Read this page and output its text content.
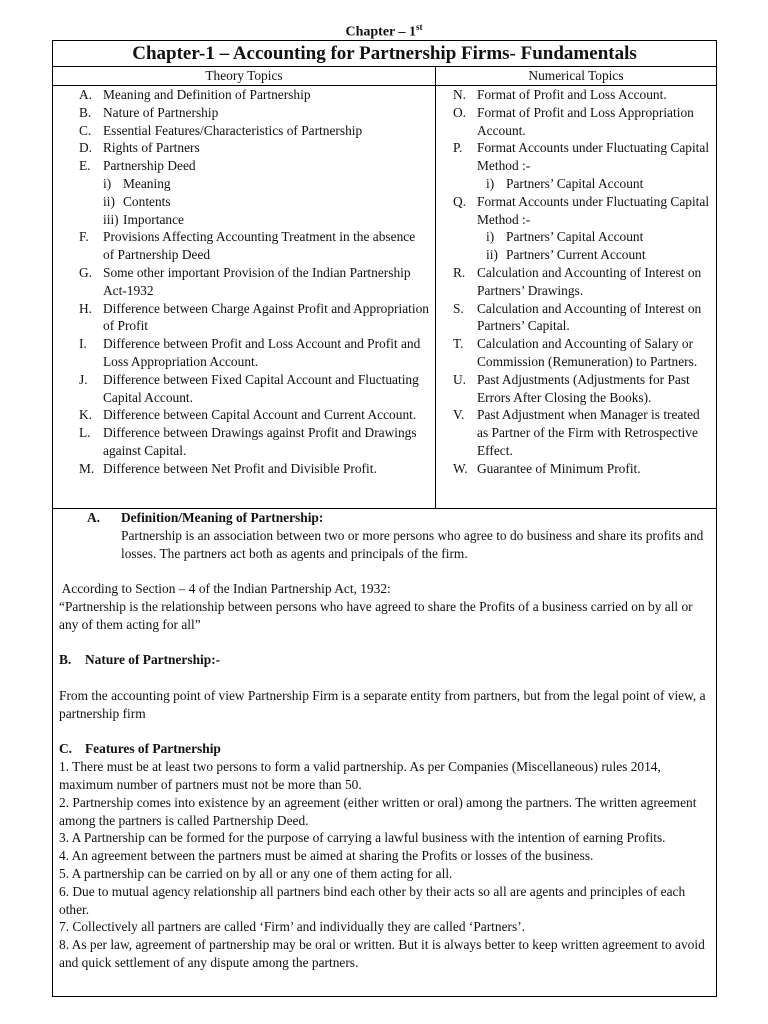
Chapter – 1st
Chapter-1 – Accounting for Partnership Firms- Fundamentals
Theory Topics
A. Meaning and Definition of Partnership
B. Nature of Partnership
C. Essential Features/Characteristics of Partnership
D. Rights of Partners
E. Partnership Deed
i) Meaning
ii) Contents
iii) Importance
F.	Provisions Affecting Accounting Treatment in the absence of Partnership Deed
G. Some other important Provision of the Indian Partnership Act-1932
H. Difference between Charge Against Profit and Appropriation of Profit
I.	Difference between Profit and Loss Account and Profit and Loss Appropriation Account.
J.	Difference between Fixed Capital Account and Fluctuating Capital Account.
K. Difference between Capital Account and Current Account.
L. Difference between Drawings against Profit and Drawings against Capital.
M. Difference between Net Profit and Divisible Profit.
Numerical Topics
N. Format of Profit and Loss Account.
O. Format of Profit and Loss Appropriation Account.
P.	Format Accounts under Fluctuating Capital Method :-
i) Partners’ Capital Account
Q. Format Accounts under Fluctuating Capital Method :-
i) Partners’ Capital Account
ii) Partners’ Current Account
R. Calculation and Accounting of Interest on Partners’ Drawings.
S. Calculation and Accounting of Interest on Partners’ Capital.
T.	Calculation and Accounting of Salary or Commission (Remuneration) to Partners.
U. Past Adjustments (Adjustments for Past Errors After Closing the Books).
V. Past Adjustment when Manager is treated as Partner of the Firm with Retrospective Effect.
W. Guarantee of Minimum Profit.
A. Definition/Meaning of Partnership:
Partnership is an association between two or more persons who agree to do business and share its profits and losses. The partners act both as agents and principals of the firm.
According to Section – 4 of the Indian Partnership Act, 1932:
“Partnership is the relationship between persons who have agreed to share the Profits of a business carried on by all or any of them acting for all”
B. Nature of Partnership:-
From the accounting point of view Partnership Firm is a separate entity from partners, but from the legal point of view, a partnership firm
C. Features of Partnership
1. There must be at least two persons to form a valid partnership. As per Companies (Miscellaneous) rules 2014, maximum number of partners must not be more than 50.
2. Partnership comes into existence by an agreement (either written or oral) among the partners. The written agreement among the partners is called Partnership Deed.
3. A Partnership can be formed for the purpose of carrying a lawful business with the intention of earning Profits.
4. An agreement between the partners must be aimed at sharing the Profits or losses of the business.
5. A partnership can be carried on by all or any one of them acting for all.
6. Due to mutual agency relationship all partners bind each other by their acts so all are agents and principles of each other.
7. Collectively all partners are called ‘Firm’ and individually they are called ‘Partners’.
8. As per law, agreement of partnership may be oral or written. But it is always better to keep written agreement to avoid and quick settlement of any dispute among the partners.
